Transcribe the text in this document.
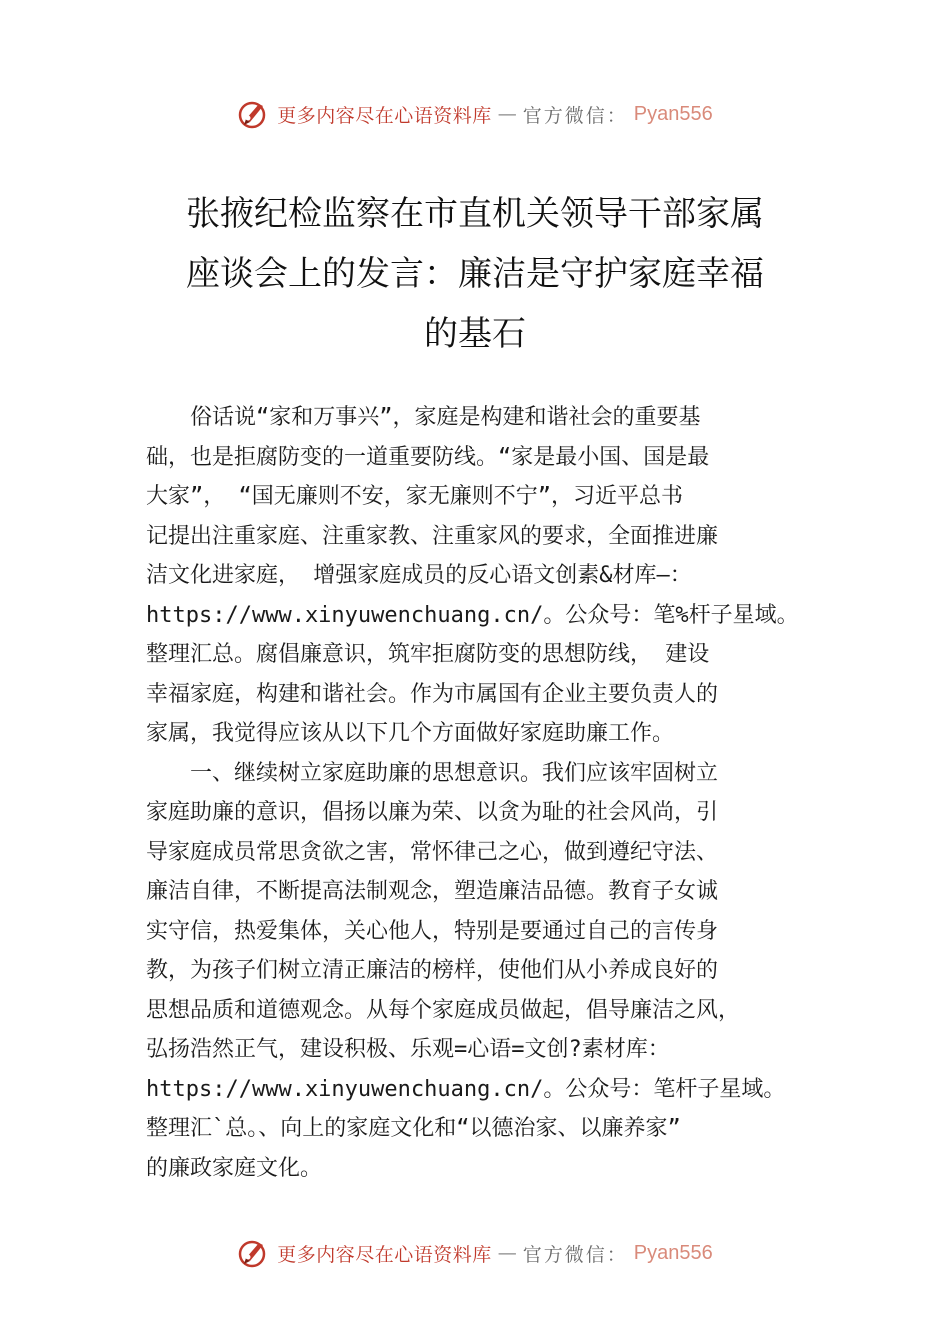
更多内容尽在心语资料库 — 官方微信： Pyan556
张掖纪检监察在市直机关领导干部家属
座谈会上的发言：廉洁是守护家庭幸福
的基石
俗话说“家和万事兴”，家庭是构建和谐社会的重要基
础，也是拒腐防变的一道重要防线。“家是最小国、国是最
大家”， “国无廉则不安，家无廉则不宁”，习近平总书
记提出注重家庭、注重家教、注重家风的要求，全面推进廉
洁文化进家庭， 增强家庭成员的反心语文创素&材库—：
https://www.xinyuwenchuang.cn/。公众号：笔%杆子星域。
整理汇总。腐倡廉意识，筑牢拒腐防变的思想防线， 建设
幸福家庭，构建和谐社会。作为市属国有企业主要负责人的
家属，我觉得应该从以下几个方面做好家庭助廉工作。
一、继续树立家庭助廉的思想意识。我们应该牢固树立
家庭助廉的意识，倡扬以廉为荣、以贪为耻的社会风尚，引
导家庭成员常思贪欲之害，常怀律己之心，做到遵纪守法、
廉洁自律，不断提高法制观念，塑造廉洁品德。教育子女诚
实守信，热爱集体，关心他人，特别是要通过自己的言传身
教，为孩子们树立清正廉洁的榜样，使他们从小养成良好的
思想品质和道德观念。从每个家庭成员做起，倡导廉洁之风，
弘扬浩然正气，建设积极、乐观=心语=文创?素材库：
https://www.xinyuwenchuang.cn/。公众号：笔杆子星域。
整理汇`总。、向上的家庭文化和“以德治家、以廉养家”
的廉政家庭文化。
更多内容尽在心语资料库 — 官方微信： Pyan556
